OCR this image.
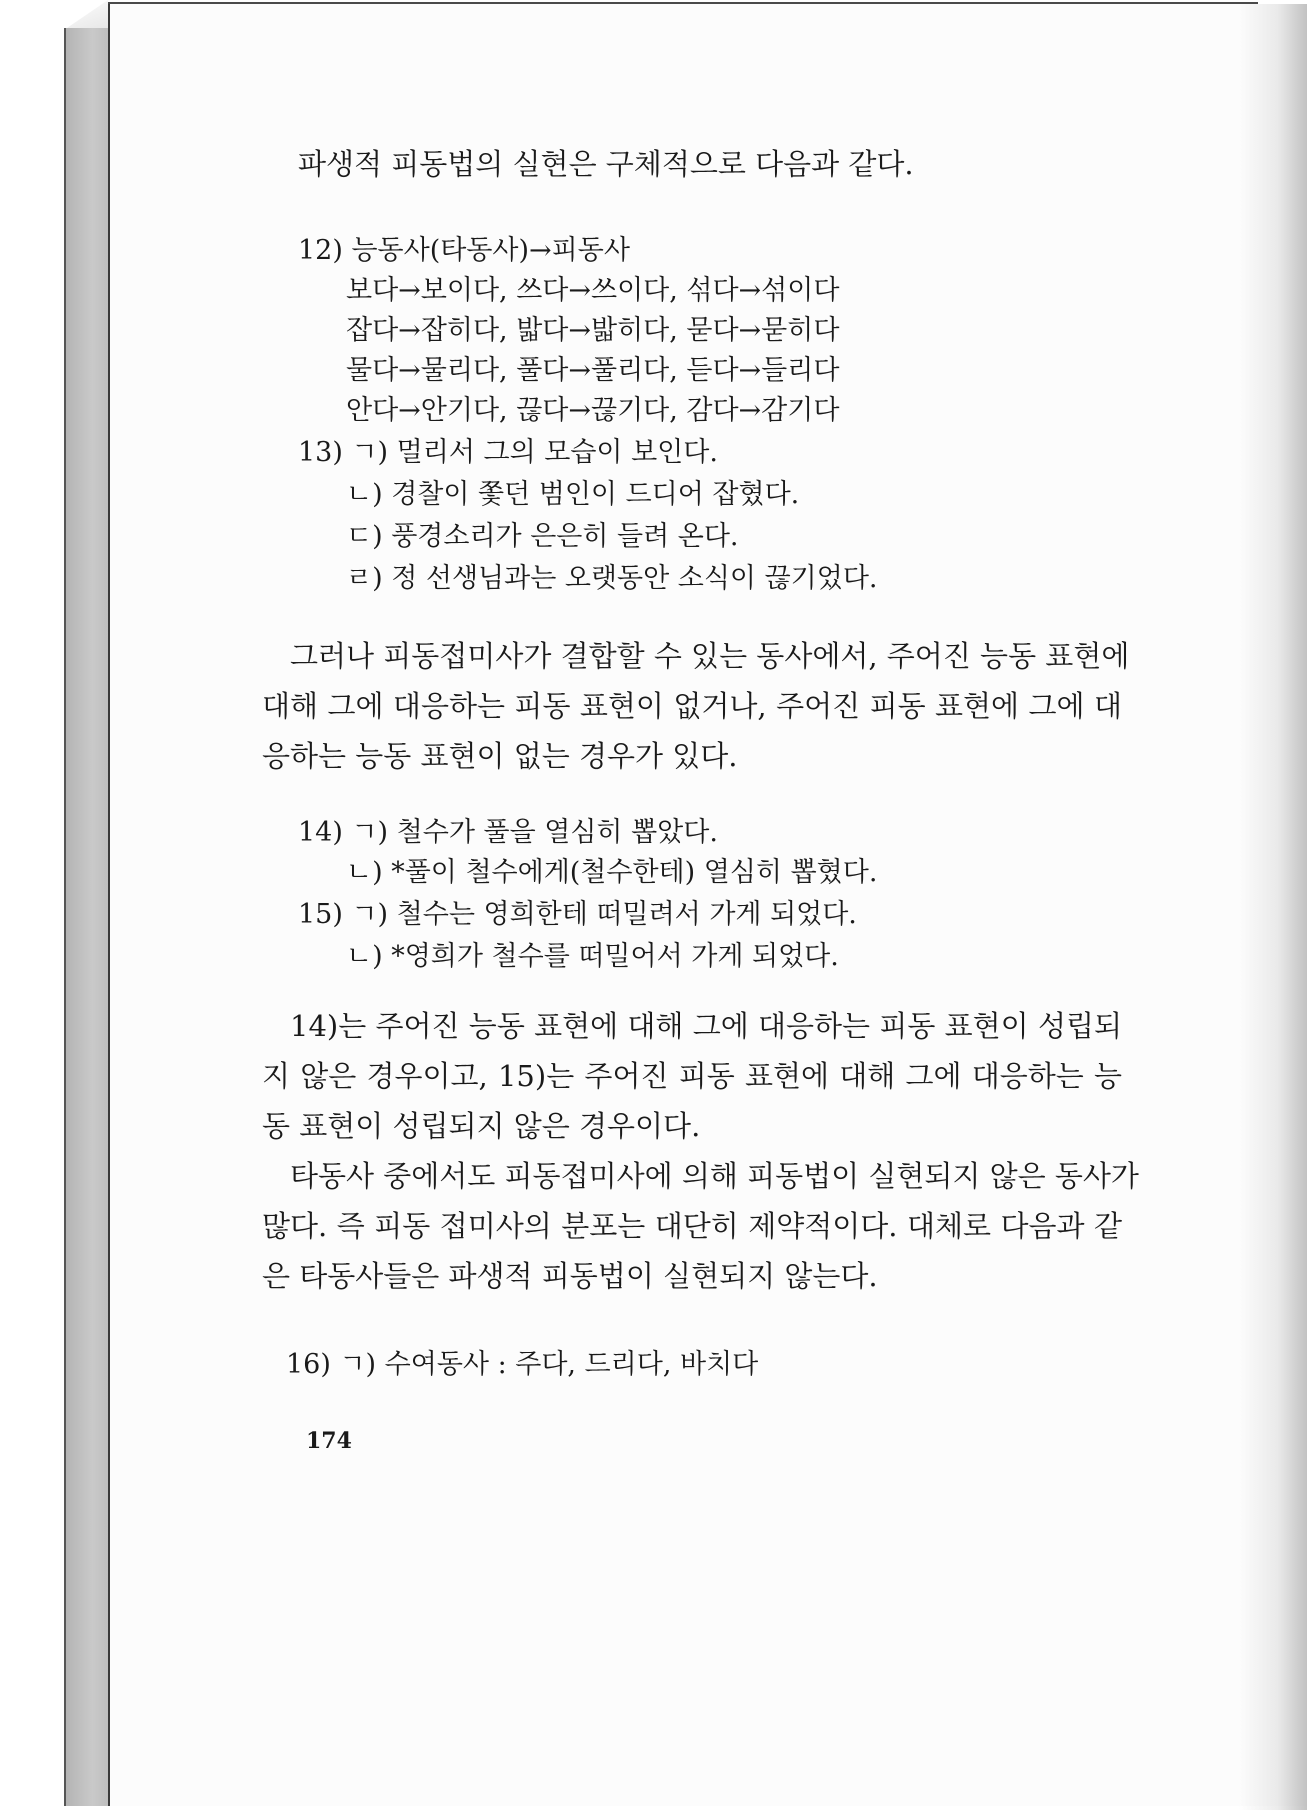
파생적 피동법의 실현은 구체적으로 다음과 같다.

12) 능동사(타동사)→피동사

보다→보이다, 쓰다→쓰이다, 섞다→섞이다

잡다→잡히다, 밟다→밟히다, 묻다→묻히다

물다→물리다, 풀다→풀리다, 듣다→들리다

안다→안기다, 끊다→끊기다, 감다→감기다

13) ㄱ) 멀리서 그의 모습이 보인다.

ㄴ) 경찰이 쫓던 범인이 드디어 잡혔다.

ㄷ) 풍경소리가 은은히 들려 온다.

ㄹ) 정 선생님과는 오랫동안 소식이 끊기었다.

그러나 피동접미사가 결합할 수 있는 동사에서, 주어진 능동 표현에

대해 그에 대응하는 피동 표현이 없거나, 주어진 피동 표현에 그에 대

응하는 능동 표현이 없는 경우가 있다.

14) ㄱ) 철수가 풀을 열심히 뽑았다.

ㄴ) *풀이 철수에게(철수한테) 열심히 뽑혔다.

15) ㄱ) 철수는 영희한테 떠밀려서 가게 되었다.

ㄴ) *영희가 철수를 떠밀어서 가게 되었다.

14)는 주어진 능동 표현에 대해 그에 대응하는 피동 표현이 성립되

지 않은 경우이고, 15)는 주어진 피동 표현에 대해 그에 대응하는 능

동 표현이 성립되지 않은 경우이다.

타동사 중에서도 피동접미사에 의해 피동법이 실현되지 않은 동사가

많다. 즉 피동 접미사의 분포는 대단히 제약적이다. 대체로 다음과 같

은 타동사들은 파생적 피동법이 실현되지 않는다.

16) ㄱ) 수여동사 : 주다, 드리다, 바치다

174
